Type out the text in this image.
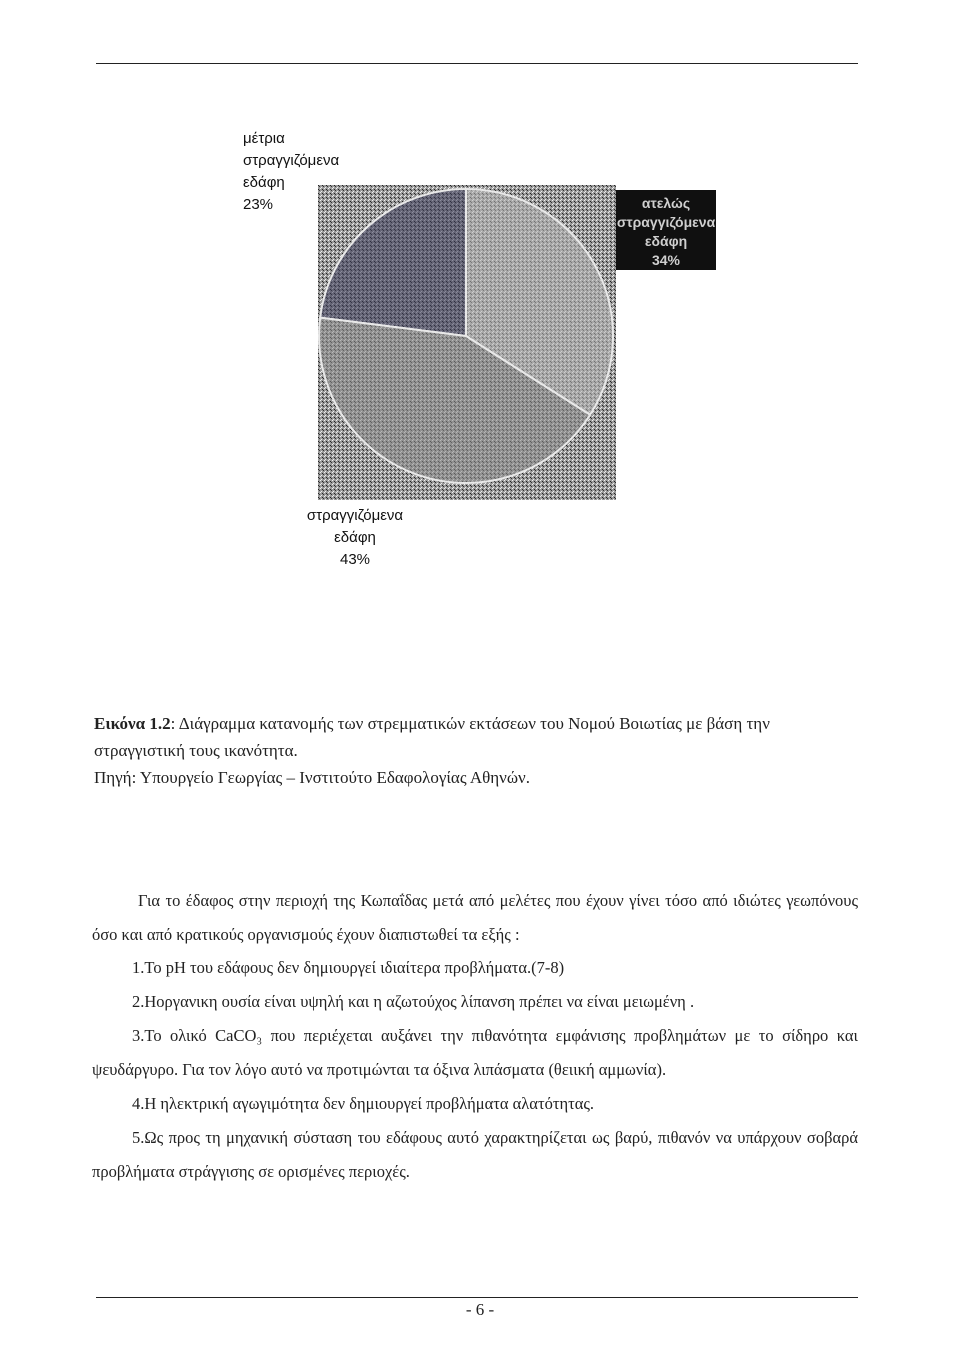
μέτρια
στραγγιζόμενα
εδάφη
23%	ατελώς
στραγγιζόμενα
εδάφη
34%
στραγγιζόμενα
εδάφη
43%
Εικόνα 1.2: Διάγραμμα κατανομής των στρεμματικών εκτάσεων του Νομού Βοιωτίας με βάση την στραγγιστική τους ικανότητα.
Πηγή: Υπουργείο Γεωργίας – Ινστιτούτο Εδαφολογίας Αθηνών.
Για το έδαφος στην περιοχή της Κωπαΐδας μετά από μελέτες που έχουν γίνει τόσο από ιδιώτες γεωπόνους όσο και από κρατικούς οργανισμούς έχουν διαπιστωθεί τα εξής :
1.Το pH του εδάφους δεν δημιουργεί ιδιαίτερα προβλήματα.(7-8)
2.Ηοργανικη ουσία είναι υψηλή και η αζωτούχος λίπανση πρέπει να είναι μειωμένη .
3.Το ολικό CaCO₃ που περιέχεται αυξάνει την πιθανότητα εμφάνισης προβλημάτων με το σίδηρο και ψευδάργυρο. Για τον λόγο αυτό να προτιμώνται τα όξινα λιπάσματα (θειική αμμωνία).
4.Η ηλεκτρική αγωγιμότητα δεν δημιουργεί προβλήματα αλατότητας.
5.Ως προς τη μηχανική σύσταση του εδάφους αυτό χαρακτηρίζεται ως βαρύ, πιθανόν να υπάρχουν σοβαρά προβλήματα στράγγισης σε ορισμένες περιοχές.
- 6 -
